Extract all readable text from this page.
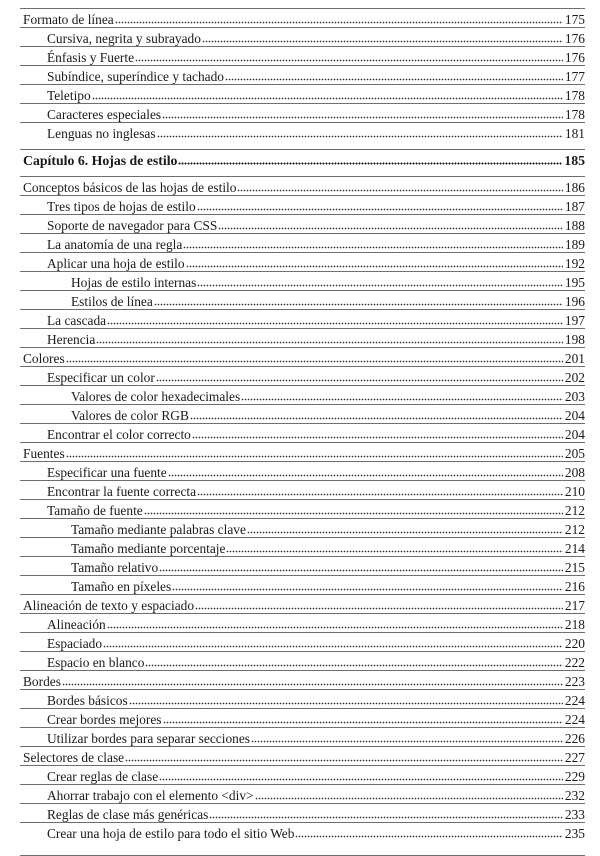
Formato de línea	175
Cursiva, negrita y subrayado	176
Énfasis y Fuerte	176
Subíndice, superíndice y tachado	177
Teletipo	178
Caracteres especiales	178
Lenguas no inglesas	181
Capítulo 6. Hojas de estilo	185
Conceptos básicos de las hojas de estilo	186
Tres tipos de hojas de estilo	187
Soporte de navegador para CSS	188
La anatomía de una regla	189
Aplicar una hoja de estilo	192
Hojas de estilo internas	195
Estilos de línea	196
La cascada	197
Herencia	198
Colores	201
Especificar un color	202
Valores de color hexadecimales	203
Valores de color RGB	204
Encontrar el color correcto	204
Fuentes	205
Especificar una fuente	208
Encontrar la fuente correcta	210
Tamaño de fuente	212
Tamaño mediante palabras clave	212
Tamaño mediante porcentaje	214
Tamaño relativo	215
Tamaño en píxeles	216
Alineación de texto y espaciado	217
Alineación	218
Espaciado	220
Espacio en blanco	222
Bordes	223
Bordes básicos	224
Crear bordes mejores	224
Utilizar bordes para separar secciones	226
Selectores de clase	227
Crear reglas de clase	229
Ahorrar trabajo con el elemento <div>	232
Reglas de clase más genéricas	233
Crear una hoja de estilo para todo el sitio Web	235
